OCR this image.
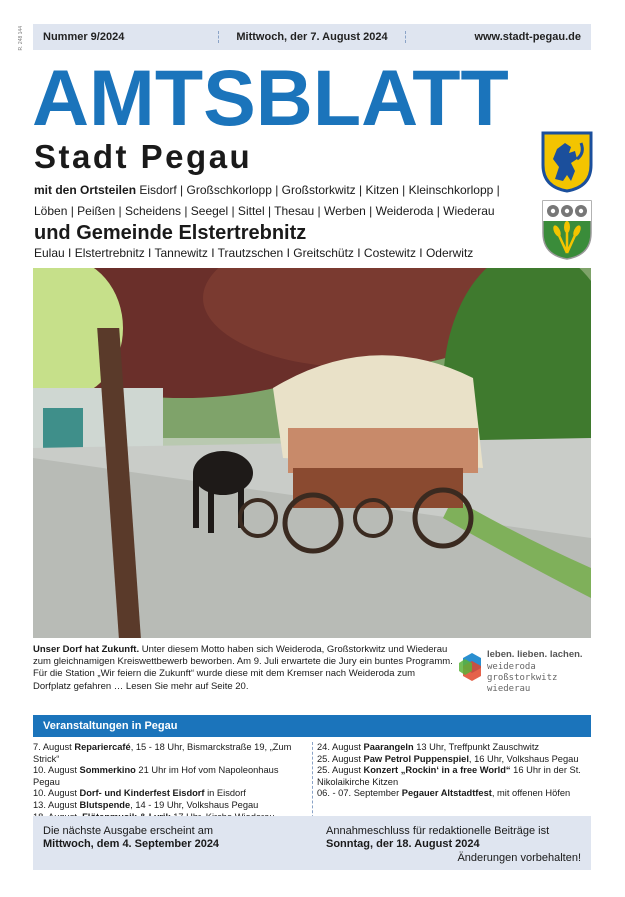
R. 248 144	Nummer 9/2024	Mittwoch, der 7. August 2024	www.stadt-pegau.de
AMTSBLATT
Stadt Pegau
mit den Ortsteilen Eisdorf | Großschkorlopp | Großstorkwitz | Kitzen | Kleinschkorlopp | Löben | Peißen | Scheidens | Seegel | Sittel | Thesau | Werben | Weideroda | Wiederau
und Gemeinde Elstertrebnitz
Eulau I Elstertrebnitz I Tannewitz I Trautzschen I Greitschütz I Costewitz I Oderwitz
Unser Dorf hat Zukunft. Unter diesem Motto haben sich Weideroda, Großstorkwitz und Wiederau zum gleichnamigen Kreiswettbewerb beworben. Am 9. Juli erwartete die Jury ein buntes Programm. Für die Station „Wir feiern die Zukunft“ wurde diese mit dem Kremser nach Weideroda zum Dorfplatz gefahren … Lesen Sie mehr auf Seite 20.
leben. lieben. lachen.
weideroda
großstorkwitz
wiederau
Veranstaltungen in Pegau
7. August Repariercafé, 15 - 18 Uhr, Bismarckstraße 19, „Zum Strick“
10. August Sommerkino 21 Uhr im Hof vom Napoleonhaus Pegau
10. August Dorf- und Kinderfest Eisdorf in Eisdorf
13. August Blutspende, 14 - 19 Uhr, Volkshaus Pegau
24. August Paarangeln 13 Uhr, Treffpunkt Zauschwitz
25. August Paw Petrol Puppenspiel, 16 Uhr, Volkshaus Pegau
25. August Konzert „Rockin‘ in a free World“ 16 Uhr in der St. Nikolaikirche Kitzen
06. - 07. September Pegauer Altstadtfest, mit offenen Höfen
Die nächste Ausgabe erscheint am
Mittwoch, dem 4. September 2024
Annahmeschluss für redaktionelle Beiträge ist
Sonntag, der 18. August 2024
Änderungen vorbehalten!
